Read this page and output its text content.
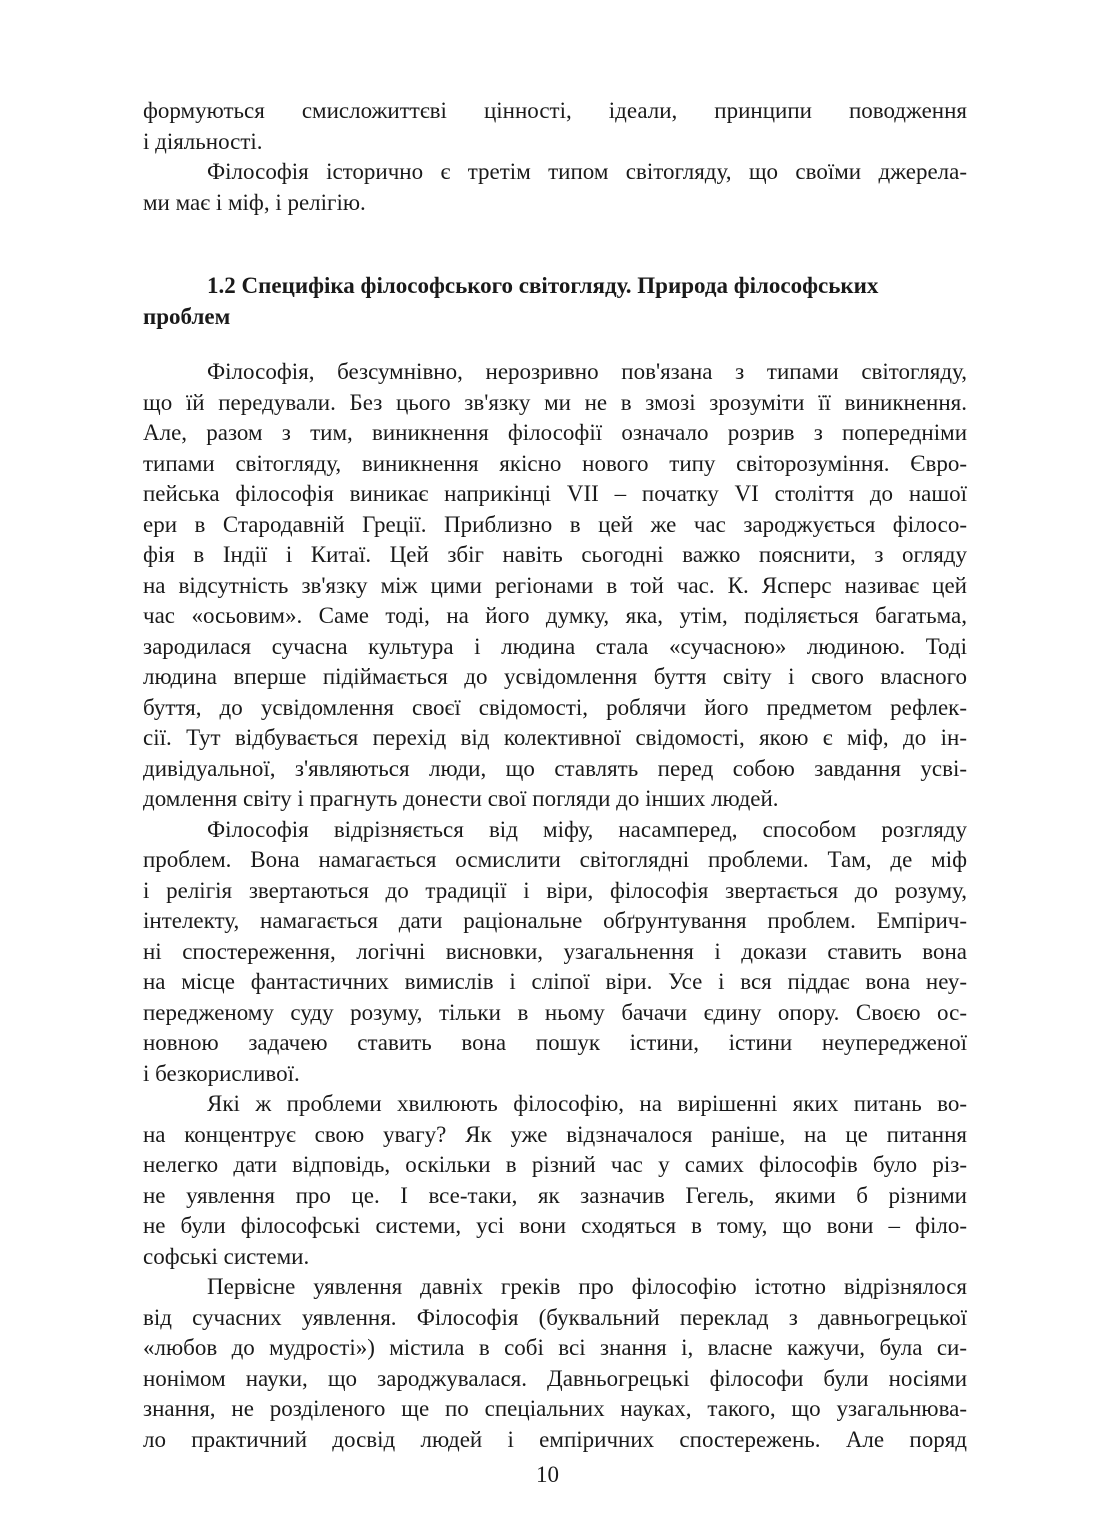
формуються смисложиттєві цінності, ідеали, принципи поводження
і діяльності.
Філософія історично є третім типом світогляду, що своїми джерела-
ми має і міф, і релігію.
1.2 Специфіка філософського світогляду. Природа філософських
проблем
Філософія, безсумнівно, нерозривно пов'язана з типами світогляду,
що їй передували. Без цього зв'язку ми не в змозі зрозуміти її виникнення.
Але, разом з тим, виникнення філософії означало розрив з попередніми
типами світогляду, виникнення якісно нового типу світорозуміння. Євро-
пейська філософія виникає наприкінці VII – початку VI століття до нашої
ери в Стародавній Греції. Приблизно в цей же час зароджується філосо-
фія в Індії і Китаї. Цей збіг навіть сьогодні важко пояснити, з огляду
на відсутність зв'язку між цими регіонами в той час. К. Ясперс називає цей
час «осьовим». Саме тоді, на його думку, яка, утім, поділяється багатьма,
зародилася сучасна культура і людина стала «сучасною» людиною. Тоді
людина вперше підіймається до усвідомлення буття світу і свого власного
буття, до усвідомлення своєї свідомості, роблячи його предметом рефлек-
сії. Тут відбувається перехід від колективної свідомості, якою є міф, до ін-
дивідуальної, з'являються люди, що ставлять перед собою завдання усві-
домлення світу і прагнуть донести свої погляди до інших людей.
Філософія відрізняється від міфу, насамперед, способом розгляду
проблем. Вона намагається осмислити світоглядні проблеми. Там, де міф
і релігія звертаються до традиції і віри, філософія звертається до розуму,
інтелекту, намагається дати раціональне обґрунтування проблем. Емпірич-
ні спостереження, логічні висновки, узагальнення і докази ставить вона
на місце фантастичних вимислів і сліпої віри. Усе і вся піддає вона неу-
передженому суду розуму, тільки в ньому бачачи єдину опору. Своєю ос-
новною задачею ставить вона пошук істини, істини неупередженої
і безкорисливої.
Які ж проблеми хвилюють філософію, на вирішенні яких питань во-
на концентрує свою увагу? Як уже відзначалося раніше, на це питання
нелегко дати відповідь, оскільки в різний час у самих філософів було різ-
не уявлення про це. І все-таки, як зазначив Гегель, якими б різними
не були філософські системи, усі вони сходяться в тому, що вони – філо-
софські системи.
Первісне уявлення давніх греків про філософію істотно відрізнялося
від сучасних уявлення. Філософія (буквальний переклад з давньогрецької
«любов до мудрості») містила в собі всі знання і, власне кажучи, була си-
нонімом науки, що зароджувалася. Давньогрецькі філософи були носіями
знання, не розділеного ще по спеціальних науках, такого, що узагальнюва-
ло практичний досвід людей і емпіричних спостережень. Але поряд
10
